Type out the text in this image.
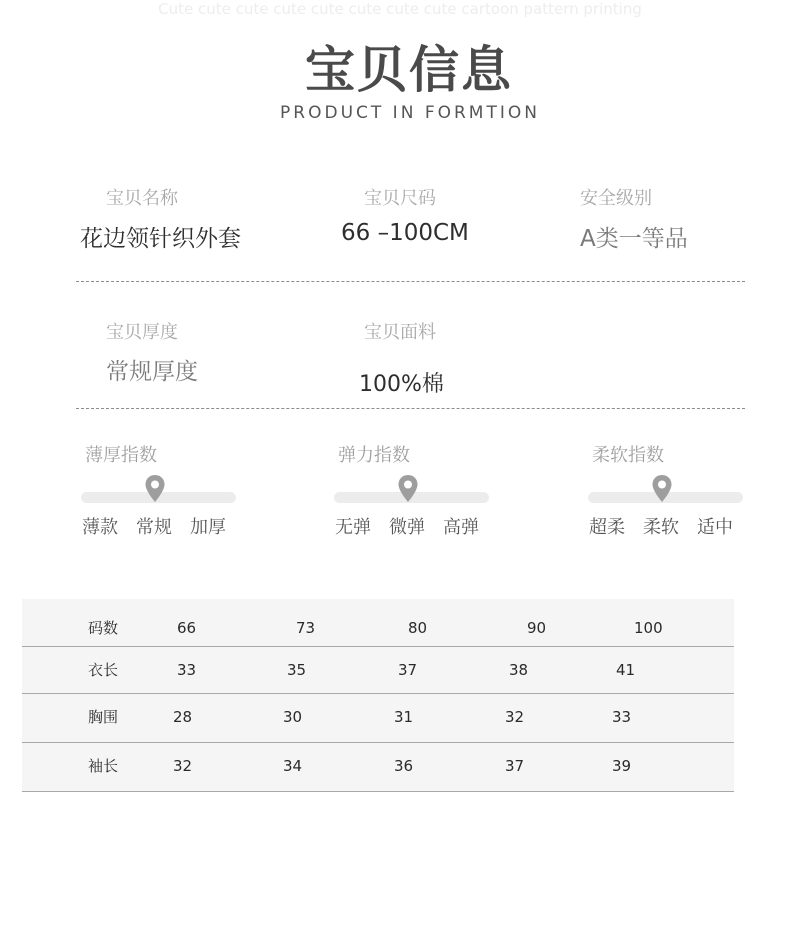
Cute cute cute cute cute cute cute cute cartoon pattern printing
宝贝信息
PRODUCT IN FORMTION
宝贝名称
花边领针织外套
宝贝尺码
66 –100CM
安全级别
A类一等品
宝贝厚度
常规厚度
宝贝面料
100%棉
薄厚指数
薄款 常规 加厚
弹力指数
无弹 微弹 高弹
柔软指数
超柔 柔软 适中
码数	66	73	80	90	100
衣长	33	35	37	38	41
胸围	28	30	31	32	33
袖长	32	34	36	37	39
